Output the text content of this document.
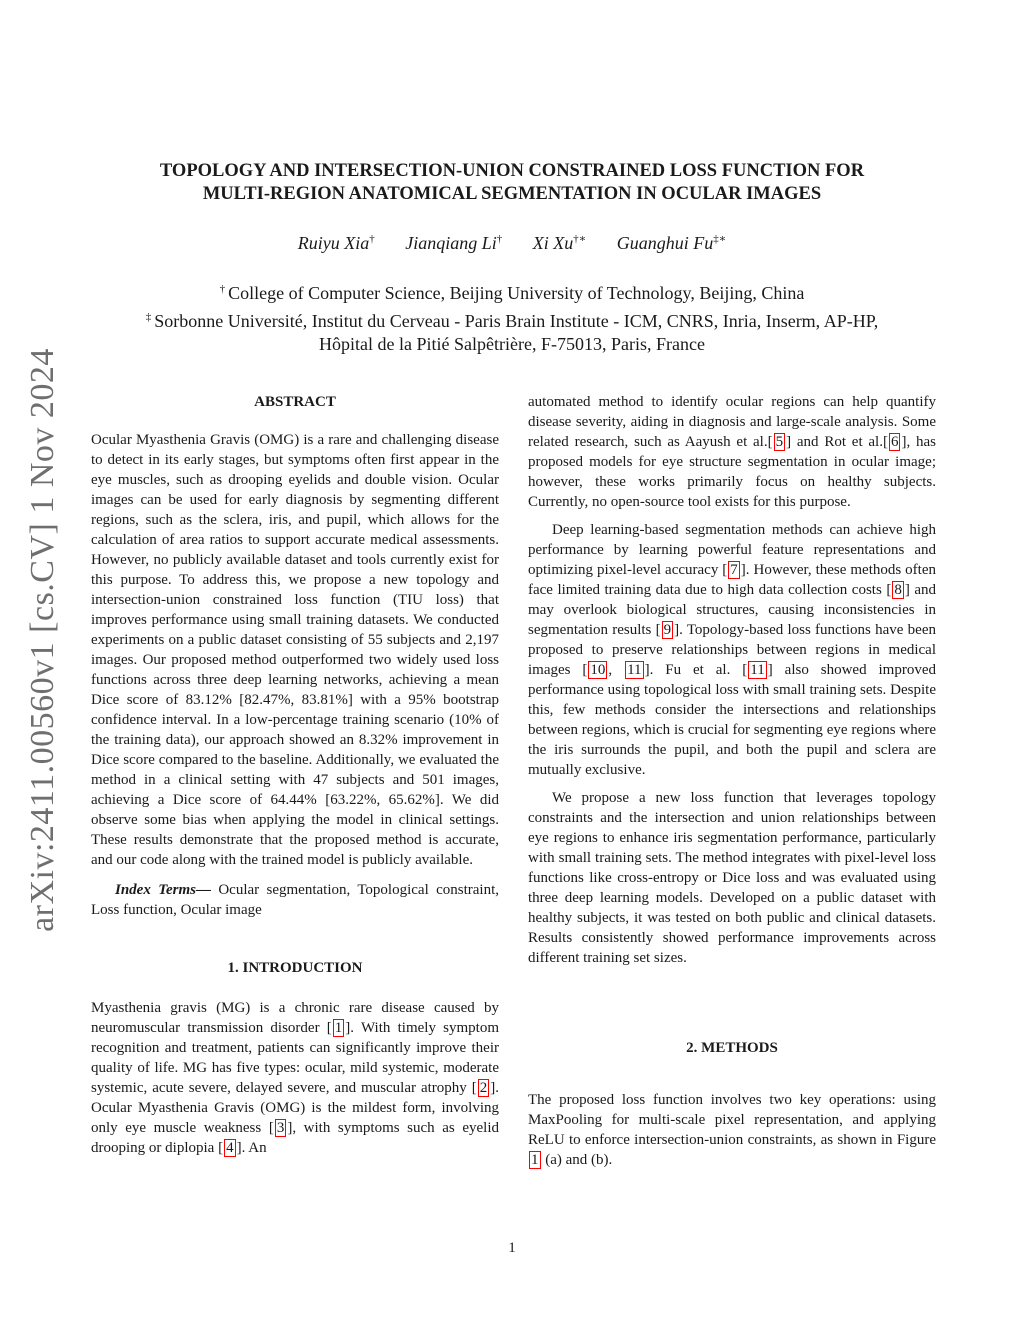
arXiv:2411.00560v1 [cs.CV] 1 Nov 2024
TOPOLOGY AND INTERSECTION-UNION CONSTRAINED LOSS FUNCTION FOR
MULTI-REGION ANATOMICAL SEGMENTATION IN OCULAR IMAGES
Ruiyu Xia† Jianqiang Li† Xi Xu†∗ Guanghui Fu‡∗
† College of Computer Science, Beijing University of Technology, Beijing, China
‡ Sorbonne Université, Institut du Cerveau - Paris Brain Institute - ICM, CNRS, Inria, Inserm, AP-HP,
Hôpital de la Pitié Salpêtrière, F-75013, Paris, France
ABSTRACT

Ocular Myasthenia Gravis (OMG) is a rare and challenging disease to detect in its early stages, but symptoms often first appear in the eye muscles, such as drooping eyelids and double vision. Ocular images can be used for early diagnosis by segmenting different regions, such as the sclera, iris, and pupil, which allows for the calculation of area ratios to support accurate medical assessments. However, no publicly available dataset and tools currently exist for this purpose. To address this, we propose a new topology and intersection-union constrained loss function (TIU loss) that improves performance using small training datasets. We conducted experiments on a public dataset consisting of 55 subjects and 2,197 images. Our proposed method outperformed two widely used loss functions across three deep learning networks, achieving a mean Dice score of 83.12% [82.47%, 83.81%] with a 95% bootstrap confidence interval. In a low-percentage training scenario (10% of the training data), our approach showed an 8.32% improvement in Dice score compared to the baseline. Additionally, we evaluated the method in a clinical setting with 47 subjects and 501 images, achieving a Dice score of 64.44% [63.22%, 65.62%]. We did observe some bias when applying the model in clinical settings. These results demonstrate that the proposed method is accurate, and our code along with the trained model is publicly available.

Index Terms— Ocular segmentation, Topological constraint, Loss function, Ocular image

1. INTRODUCTION

Myasthenia gravis (MG) is a chronic rare disease caused by neuromuscular transmission disorder [ 1 ]. With timely symptom recognition and treatment, patients can significantly improve their quality of life. MG has five types: ocular, mild systemic, moderate systemic, acute severe, delayed severe, and muscular atrophy [ 2 ]. Ocular Myasthenia Gravis (OMG) is the mildest form, involving only eye muscle weakness [ 3 ], with symptoms such as eyelid drooping or diplopia [ 4 ]. An

automated method to identify ocular regions can help quantify disease severity, aiding in diagnosis and large-scale analysis. Some related research, such as Aayush et al.[ 5 ] and Rot et al.[ 6 ], has proposed models for eye structure segmentation in ocular image; however, these works primarily focus on healthy subjects. Currently, no open-source tool exists for this purpose.

Deep learning-based segmentation methods can achieve high performance by learning powerful feature representations and optimizing pixel-level accuracy [ 7 ]. However, these methods often face limited training data due to high data collection costs [ 8 ] and may overlook biological structures, causing inconsistencies in segmentation results [ 9 ]. Topology-based loss functions have been proposed to preserve relationships between regions in medical images [ 10 , 11 ]. Fu et al. [ 11 ] also showed improved performance using topological loss with small training sets. Despite this, few methods consider the intersections and relationships between regions, which is crucial for segmenting eye regions where the iris surrounds the pupil, and both the pupil and sclera are mutually exclusive.

We propose a new loss function that leverages topology constraints and the intersection and union relationships between eye regions to enhance iris segmentation performance, particularly with small training sets. The method integrates with pixel-level loss functions like cross-entropy or Dice loss and was evaluated using three deep learning models. Developed on a public dataset with healthy subjects, it was tested on both public and clinical datasets. Results consistently showed performance improvements across different training set sizes.

2. METHODS

The proposed loss function involves two key operations: using MaxPooling for multi-scale pixel representation, and applying ReLU to enforce intersection-union constraints, as shown in Figure 1 (a) and (b).

1
